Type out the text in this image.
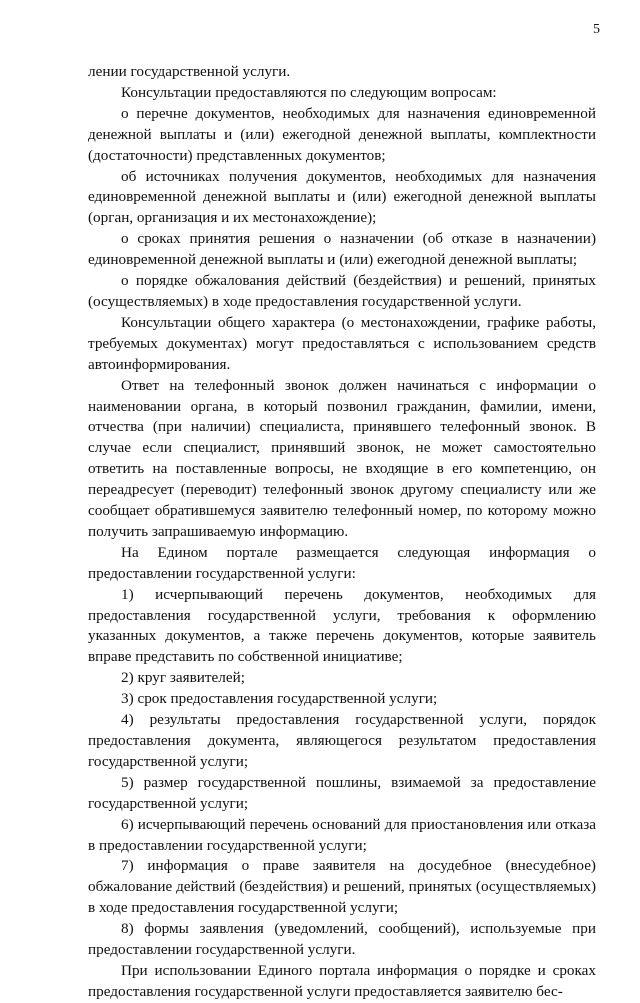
5

лении государственной услуги.

Консультации предоставляются по следующим вопросам:

о перечне документов, необходимых для назначения единовременной денежной выплаты и (или) ежегодной денежной выплаты, комплектности (достаточности) представленных документов;

об источниках получения документов, необходимых для назначения единовременной денежной выплаты и (или) ежегодной денежной выплаты (орган, организация и их местонахождение);

о сроках принятия решения о назначении (об отказе в назначении) единовременной денежной выплаты и (или) ежегодной денежной выплаты;

о порядке обжалования действий (бездействия) и решений, принятых (осуществляемых) в ходе предоставления государственной услуги.

Консультации общего характера (о местонахождении, графике работы, требуемых документах) могут предоставляться с использованием средств автоинформирования.

Ответ на телефонный звонок должен начинаться с информации о наименовании органа, в который позвонил гражданин, фамилии, имени, отчества (при наличии) специалиста, принявшего телефонный звонок. В случае если специалист, принявший звонок, не может самостоятельно ответить на поставленные вопросы, не входящие в его компетенцию, он переадресует (переводит) телефонный звонок другому специалисту или же сообщает обратившемуся заявителю телефонный номер, по которому можно получить запрашиваемую информацию.

На Едином портале размещается следующая информация о предоставлении государственной услуги:

1) исчерпывающий перечень документов, необходимых для предоставления государственной услуги, требования к оформлению указанных документов, а также перечень документов, которые заявитель вправе представить по собственной инициативе;

2) круг заявителей;

3) срок предоставления государственной услуги;

4) результаты предоставления государственной услуги, порядок предоставления документа, являющегося результатом предоставления государственной услуги;

5) размер государственной пошлины, взимаемой за предоставление государственной услуги;

6) исчерпывающий перечень оснований для приостановления или отказа в предоставлении государственной услуги;

7) информация о праве заявителя на досудебное (внесудебное) обжалование действий (бездействия) и решений, принятых (осуществляемых) в ходе предоставления государственной услуги;

8) формы заявления (уведомлений, сообщений), используемые при предоставлении государственной услуги.

При использовании Единого портала информация о порядке и сроках предоставления государственной услуги предоставляется заявителю бес-
